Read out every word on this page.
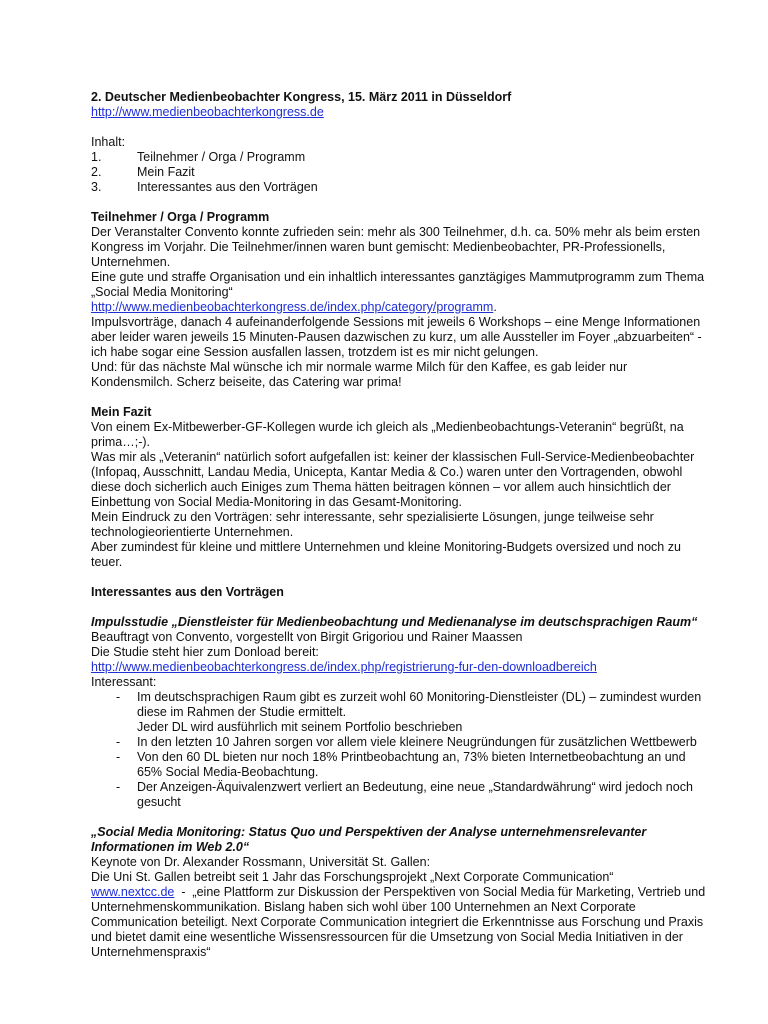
2. Deutscher Medienbeobachter Kongress, 15. März 2011 in Düsseldorf

http://www.medienbeobachterkongress.de

Inhalt:

1.	Teilnehmer / Orga / Programm
2.	Mein Fazit
3.	Interessantes aus den Vorträgen

Teilnehmer / Orga / Programm

Der Veranstalter Convento konnte zufrieden sein: mehr als 300 Teilnehmer, d.h. ca. 50% mehr als beim ersten Kongress im Vorjahr. Die Teilnehmer/innen waren bunt gemischt: Medienbeobachter, PR-Professionells, Unternehmen.

Eine gute und straffe Organisation und ein inhaltlich interessantes ganztägiges Mammutprogramm zum Thema „Social Media Monitoring“

http://www.medienbeobachterkongress.de/index.php/category/programm.

Impulsvorträge, danach 4 aufeinanderfolgende Sessions mit jeweils 6 Workshops – eine Menge Informationen aber leider waren jeweils 15 Minuten-Pausen dazwischen zu kurz, um alle Aussteller im Foyer „abzuarbeiten“ - ich habe sogar eine Session ausfallen lassen, trotzdem ist es mir nicht gelungen.

Und: für das nächste Mal wünsche ich mir normale warme Milch für den Kaffee, es gab leider nur Kondensmilch. Scherz beiseite, das Catering war prima!

Mein Fazit

Von einem Ex-Mitbewerber-GF-Kollegen wurde ich gleich als „Medienbeobachtungs-Veteranin“ begrüßt, na prima…;-).

Was mir als „Veteranin“ natürlich sofort aufgefallen ist: keiner der klassischen Full-Service-Medienbeobachter (Infopaq, Ausschnitt, Landau Media, Unicepta, Kantar Media & Co.) waren unter den Vortragenden, obwohl diese doch sicherlich auch Einiges zum Thema hätten beitragen können – vor allem auch hinsichtlich der Einbettung von Social Media-Monitoring in das Gesamt-Monitoring.

Mein Eindruck zu den Vorträgen: sehr interessante, sehr spezialisierte Lösungen, junge teilweise sehr technologieorientierte Unternehmen.

Aber zumindest für kleine und mittlere Unternehmen und kleine Monitoring-Budgets oversized und noch zu teuer.

Interessantes aus den Vorträgen

Impulsstudie „Dienstleister für Medienbeobachtung und Medienanalyse im deutschsprachigen Raum“

Beauftragt von Convento, vorgestellt von Birgit Grigoriou und Rainer Maassen

Die Studie steht hier zum Donload bereit:

http://www.medienbeobachterkongress.de/index.php/registrierung-fur-den-downloadbereich

Interessant:

- Im deutschsprachigen Raum gibt es zurzeit wohl 60 Monitoring-Dienstleister (DL) – zumindest wurden diese im Rahmen der Studie ermittelt.

Jeder DL wird ausführlich mit seinem Portfolio beschrieben

- In den letzten 10 Jahren sorgen vor allem viele kleinere Neugründungen für zusätzlichen Wettbewerb

- Von den 60 DL bieten nur noch 18% Printbeobachtung an, 73% bieten Internetbeobachtung an und 65% Social Media-Beobachtung.

- Der Anzeigen-Äquivalenzwert verliert an Bedeutung, eine neue „Standardwährung“ wird jedoch noch gesucht

„Social Media Monitoring: Status Quo und Perspektiven der Analyse unternehmensrelevanter Informationen im Web 2.0“

Keynote von Dr. Alexander Rossmann, Universität St. Gallen:

Die Uni St. Gallen betreibt seit 1 Jahr das Forschungsprojekt „Next Corporate Communication“

www.nextcc.de  -  „eine Plattform zur Diskussion der Perspektiven von Social Media für Marketing, Vertrieb und Unternehmenskommunikation. Bislang haben sich wohl über 100 Unternehmen an Next Corporate Communication beteiligt. Next Corporate Communication integriert die Erkenntnisse aus Forschung und Praxis und bietet damit eine wesentliche Wissensressourcen für die Umsetzung von Social Media Initiativen in der Unternehmenspraxis“
